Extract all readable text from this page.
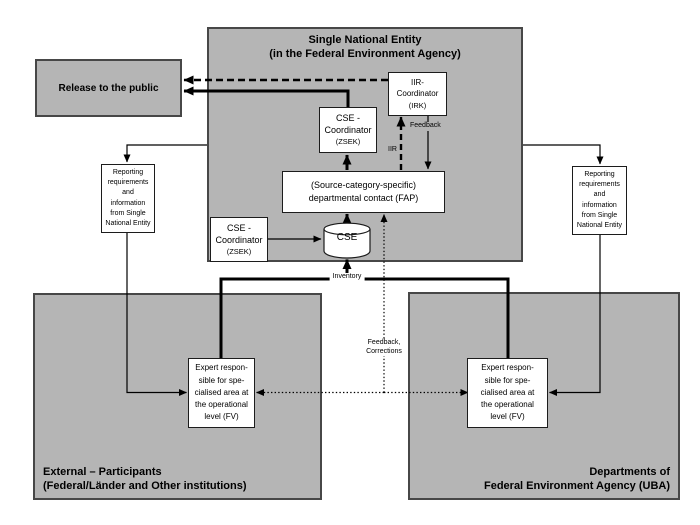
Single National Entity
(in the Federal Environment Agency)
External – Participants
(Federal/Länder and Other institutions)
Departments of
Federal Environment Agency (UBA)
Release to the public
IIR-
Coordinator
(IRK)
CSE -
Coordinator
(ZSEK)
(Source-category-specific)
departmental contact (FAP)
CSE -
Coordinator
(ZSEK)
CSE
Reporting
requirements
and
information
from Single
National Entity
Reporting
requirements
and
information
from Single
National Entity
Expert respon-
sible for spe-
cialised area at
the operational
level (FV)
Expert respon-
sible for spe-
cialised area at
the operational
level (FV)
Feedback
IIR
Inventory
Feedback,
Corrections
